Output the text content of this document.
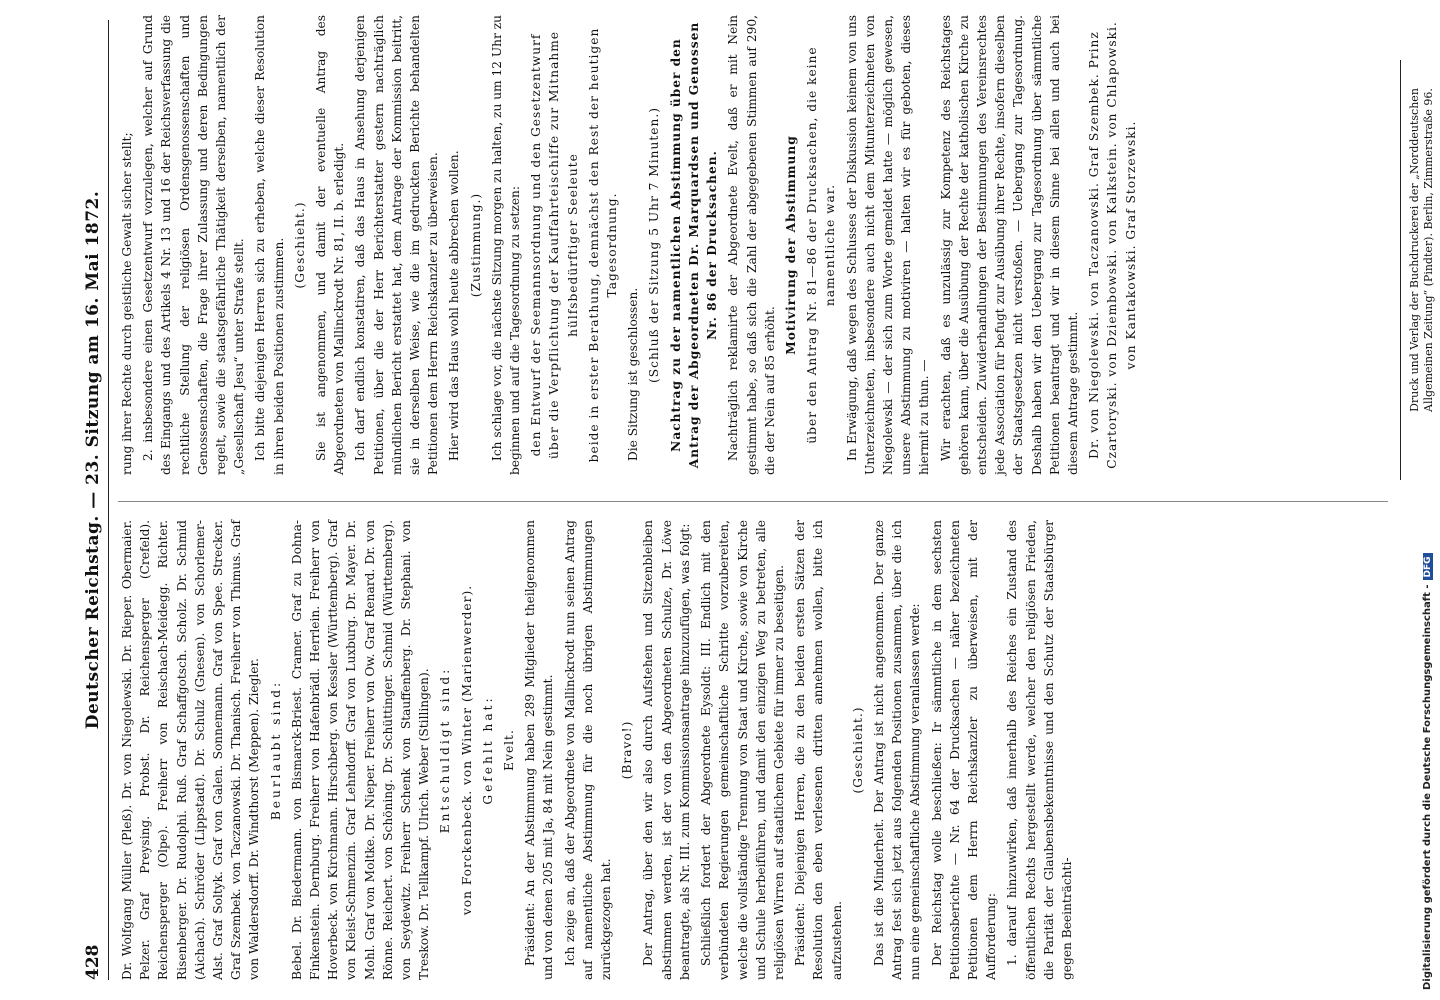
428
Deutscher Reichstag. — 23. Sitzung am 16. Mai 1872.

Dr. Wolfgang Müller (Pleß). Dr. von Niegolewski. Dr. Rieper. Obermaier. Pelzer. Graf Preysing. Probst. Dr. Reichensperger (Crefeld). Reichensperger (Olpe). Freiherr von Reischach-Meidegg. Richter. Risenberger. Dr. Rudolphi. Ruß. Graf Schaffgotsch. Scholz. Dr. Schmid (Aichach). Schröder (Lippstadt). Dr. Schulz (Gnesen). von Schorlemer-Alst. Graf Soltyk. Graf von Galen. Sonnemann. Graf von Spee. Strecker. Graf Szembek. von Taczanowski. Dr. Thanisch. Freiherr von Thimus. Graf von Waldersdorff. Dr. Windthorst (Meppen). Ziegler. Beurlaubt sind: Bebel. Dr. Biedermann. von Bismarck-Briest. Cramer. Graf zu Dohna-Finkenstein. Dernburg. Freiherr von Hafenbrädl. Herrlein. Freiherr von Hoverbeck. von Kirchmann. Hirschberg. von Kessler (Württemberg). Graf von Kleist-Schmenzin. Graf Lehndorff. Graf von Luxburg. Dr. Mayer. Dr. Mohl. Graf von Moltke. Dr. Nieper. Freiherr von Ow. Graf Renard. Dr. von Rönne. Reichert. von Schöning. Dr. Schüttinger. Schmid (Württemberg). von Seydewitz. Freiherr Schenk von Stauffenberg. Dr. Stephani. von Treskow. Dr. Tellkampf. Ulrich. Weber (Stillingen). Entschuldigt sind: von Forckenbeck. von Winter (Marienwerder). Gefehlt hat: Evelt. Präsident: An der Abstimmung haben 289 Mitglieder theilgenommen und von denen 205 mit Ja, 84 mit Nein gestimmt. Ich zeige an, daß der Abgeordnete von Mallinckrodt nun seinen Antrag auf namentliche Abstimmung für die noch übrigen Abstimmungen zurückgezogen hat.

(Bravo!) Der Antrag, über den wir also durch Aufstehen und Sitzenbleiben abstimmen werden, ist der von den Abgeordneten Schulze, Dr. Löwe beantragte, als Nr. III. zum Kommissionsantrage hinzuzufügen, was folgt: Schließlich fordert der Abgeordnete Eysoldt: III. Endlich mit den verbündeten Regierungen gemeinschaftliche Schritte vorzubereiten, welche die vollständige Trennung von Staat und Kirche, sowie von Kirche und Schule herbeiführen, und damit den einzigen Weg zu betreten, alle religiösen Wirren auf staatlichem Gebiete für immer zu beseitigen. Präsident: Diejenigen Herren, die zu den beiden ersten Sätzen der Resolution den eben verlesenen dritten annehmen wollen, bitte ich aufzustehen.

(Geschieht.) Das ist die Minderheit. Der Antrag ist nicht angenommen. Der ganze Antrag fest sich jetzt aus folgenden Positionen zusammen, über die ich nun eine gemeinschaftliche Abstimmung veranlassen werde: Der Reichstag wolle beschließen: Ir sämmtliche in dem sechsten Petitionsberichte — Nr. 64 der Drucksachen — näher bezeichneten Petitionen dem Herrn Reichskanzler zu überweisen, mit der Aufforderung: 1. darauf hinzuwirken, daß innerhalb des Reiches ein Zustand des öffentlichen Rechts hergestellt werde, welcher den religiösen Frieden, die Parität der Glaubensbekenntnisse und den Schutz der Staatsbürger gegen Beeinträchti-

rung ihrer Rechte durch geistliche Gewalt sicher stellt; 2. insbesondere einen Gesetzentwurf vorzulegen, welcher auf Grund des Eingangs und des Artikels 4 Nr. 13 und 16 der Reichsverfassung die rechtliche Stellung der religiösen Ordensgenossenschaften und Genossenschaften, die Frage ihrer Zulassung und deren Bedingungen regelt, sowie die staatsgefährliche Thätigkeit derselben, namentlich der „Gesellschaft Jesu“ unter Strafe stellt. Ich bitte diejenigen Herren sich zu erheben, welche dieser Resolution in ihren beiden Positionen zustimmen. (Geschieht.) Sie ist angenommen, und damit der eventuelle Antrag des Abgeordneten von Mallinckrodt Nr. 81, II. b. erledigt. Ich darf endlich konstatiren, daß das Haus in Ansehung derjenigen Petitionen, über die der Herr Berichterstatter gestern nachträglich mündlichen Bericht erstattet hat, dem Antrage der Kommission beitritt, sie in derselben Weise, wie die im gedruckten Berichte behandelten Petitionen dem Herrn Reichskanzler zu überweisen. Hier wird das Haus wohl heute abbrechen wollen. (Zustimmung.) Ich schlage vor, die nächste Sitzung morgen zu halten, zu um 12 Uhr zu beginnen und auf die Tagesordnung zu setzen: den Entwurf der Seemannsordnung und den Gesetzentwurf über die Verpflichtung der Kauffahrteischiffe zur Mitnahme hülfsbedürftiger Seeleute beide in erster Berathung, demnächst den Rest der heutigen Tagesordnung.

Die Sitzung ist geschlossen. (Schluß der Sitzung 5 Uhr 7 Minuten.) Nachtrag zu der namentlichen Abstimmung über den Antrag der Abgeordneten Dr. Marquardsen und Genossen Nr. 86 der Drucksachen. Nachträglich reklamirte der Abgeordnete Evelt, daß er mit Nein gestimmt habe, so daß sich die Zahl der abgegebenen Stimmen auf 290, die der Nein auf 85 erhöht.

Motivirung der Abstimmung über den Antrag Nr. 81—86 der Drucksachen, die keine namentliche war. In Erwägung, daß wegen des Schlusses der Diskussion keinem von uns Unterzeichneten, insbesondere auch nicht dem Mitunterzeichneten von Niegolewski — der sich zum Worte gemeldet hatte — möglich gewesen, unsere Abstimmung zu motiviren — halten wir es für geboten, dieses hiermit zu thun. — Wir erachten, daß es unzulässig zur Kompetenz des Reichstages gehören kann, über die Ausübung der Rechte der katholischen Kirche zu entscheiden. Zuwiderhandlungen der Bestimmungen des Vereinsrechtes jede Association für befugt zur Ausübung ihrer Rechte, insofern dieselben der Staatsgesetzen nicht verstoßen. — Uebergang zur Tagesordnung. Deshalb haben wir den Uebergang zur Tagesordnung über sämmtliche Petitionen beantragt und wir in diesem Sinne bei allen und auch bei diesem Antrage gestimmt. Dr. von Niegolewski. von Taczanowski. Graf Szembek. Prinz Czartoryski. von Dziembowski. von Kalkstein. von Chlapowski. von Kantakowski. Graf Storzewski.	Druck und Verlag der Buchdruckerei der „Norddeutschen Allgemeinen Zeitung“ (Pindter). Berlin, Zimmerstraße 96.
Digitalisierung gefördert durch die Deutsche Forschungsgemeinschaft -DFG
